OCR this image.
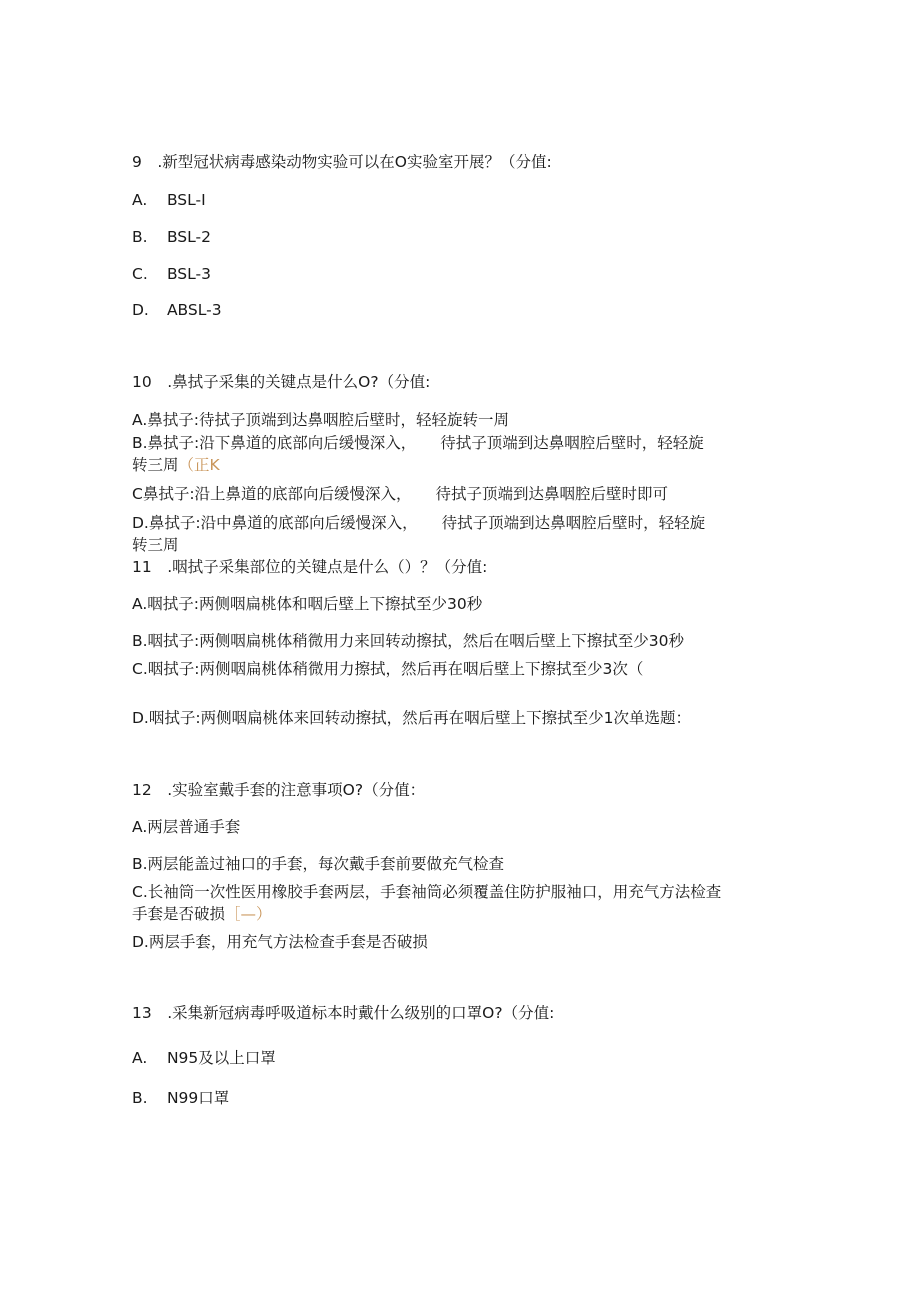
9　.新型冠状病毒感染动物实验可以在O实验室开展？（分值:
A. BSL-I
B. BSL-2
C. BSL-3
D. ABSL-3
10　.鼻拭子采集的关键点是什么O?（分值:
A.鼻拭子:待拭子顶端到达鼻咽腔后壁时，轻轻旋转一周
B.鼻拭子:沿下鼻道的底部向后缓慢深入， 待拭子顶端到达鼻咽腔后壁时，轻轻旋
转三周（正K
C鼻拭子:沿上鼻道的底部向后缓慢深入， 待拭子顶端到达鼻咽腔后壁时即可
D.鼻拭子:沿中鼻道的底部向后缓慢深入， 待拭子顶端到达鼻咽腔后壁时，轻轻旋
转三周
11　.咽拭子采集部位的关键点是什么（）？（分值:
A.咽拭子:两侧咽扁桃体和咽后壁上下擦拭至少30秒
B.咽拭子:两侧咽扁桃体稍微用力来回转动擦拭，然后在咽后壁上下擦拭至少30秒
C.咽拭子:两侧咽扁桃体稍微用力擦拭，然后再在咽后壁上下擦拭至少3次（
D.咽拭子:两侧咽扁桃体来回转动擦拭，然后再在咽后壁上下擦拭至少1次单选题：
12　.实验室戴手套的注意事项O?（分值：
A.两层普通手套
B.两层能盖过袖口的手套，每次戴手套前要做充气检查
C.长袖筒一次性医用橡胶手套两层，手套袖筒必须覆盖住防护服袖口，用充气方法检查
手套是否破损［—）
D.两层手套，用充气方法检查手套是否破损
13　.采集新冠病毒呼吸道标本时戴什么级别的口罩O?（分值:
A. N95及以上口罩
B. N99口罩
